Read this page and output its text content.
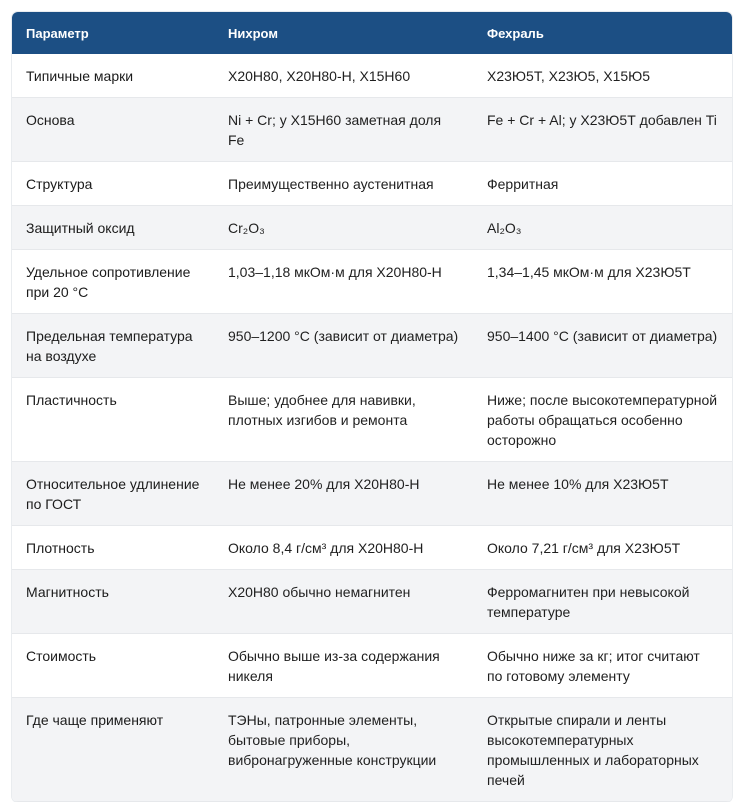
Параметр	Нихром	Фехраль
Типичные марки	Х20Н80, Х20Н80-Н, Х15Н60	Х23Ю5Т, Х23Ю5, Х15Ю5
Основа	Ni + Cr; у Х15Н60 заметная доля Fe	Fe + Cr + Al; у Х23Ю5Т добавлен Ti
Структура	Преимущественно аустенитная	Ферритная
Защитный оксид	Cr₂O₃	Al₂O₃
Удельное сопротивление при 20 °С	1,03–1,18 мкОм·м для Х20Н80-Н	1,34–1,45 мкОм·м для Х23Ю5Т
Предельная температура на воздухе	950–1200 °С (зависит от диаметра)	950–1400 °С (зависит от диаметра)
Пластичность	Выше; удобнее для навивки, плотных изгибов и ремонта	Ниже; после высокотемпературной работы обращаться особенно осторожно
Относительное удлинение по ГОСТ	Не менее 20% для Х20Н80-Н	Не менее 10% для Х23Ю5Т
Плотность	Около 8,4 г/см³ для Х20Н80-Н	Около 7,21 г/см³ для Х23Ю5Т
Магнитность	Х20Н80 обычно немагнитен	Ферромагнитен при невысокой температуре
Стоимость	Обычно выше из-за содержания никеля	Обычно ниже за кг; итог считают по готовому элементу
Где чаще применяют	ТЭНы, патронные элементы, бытовые приборы, вибронагруженные конструкции	Открытые спирали и ленты высокотемпературных промышленных и лабораторных печей
